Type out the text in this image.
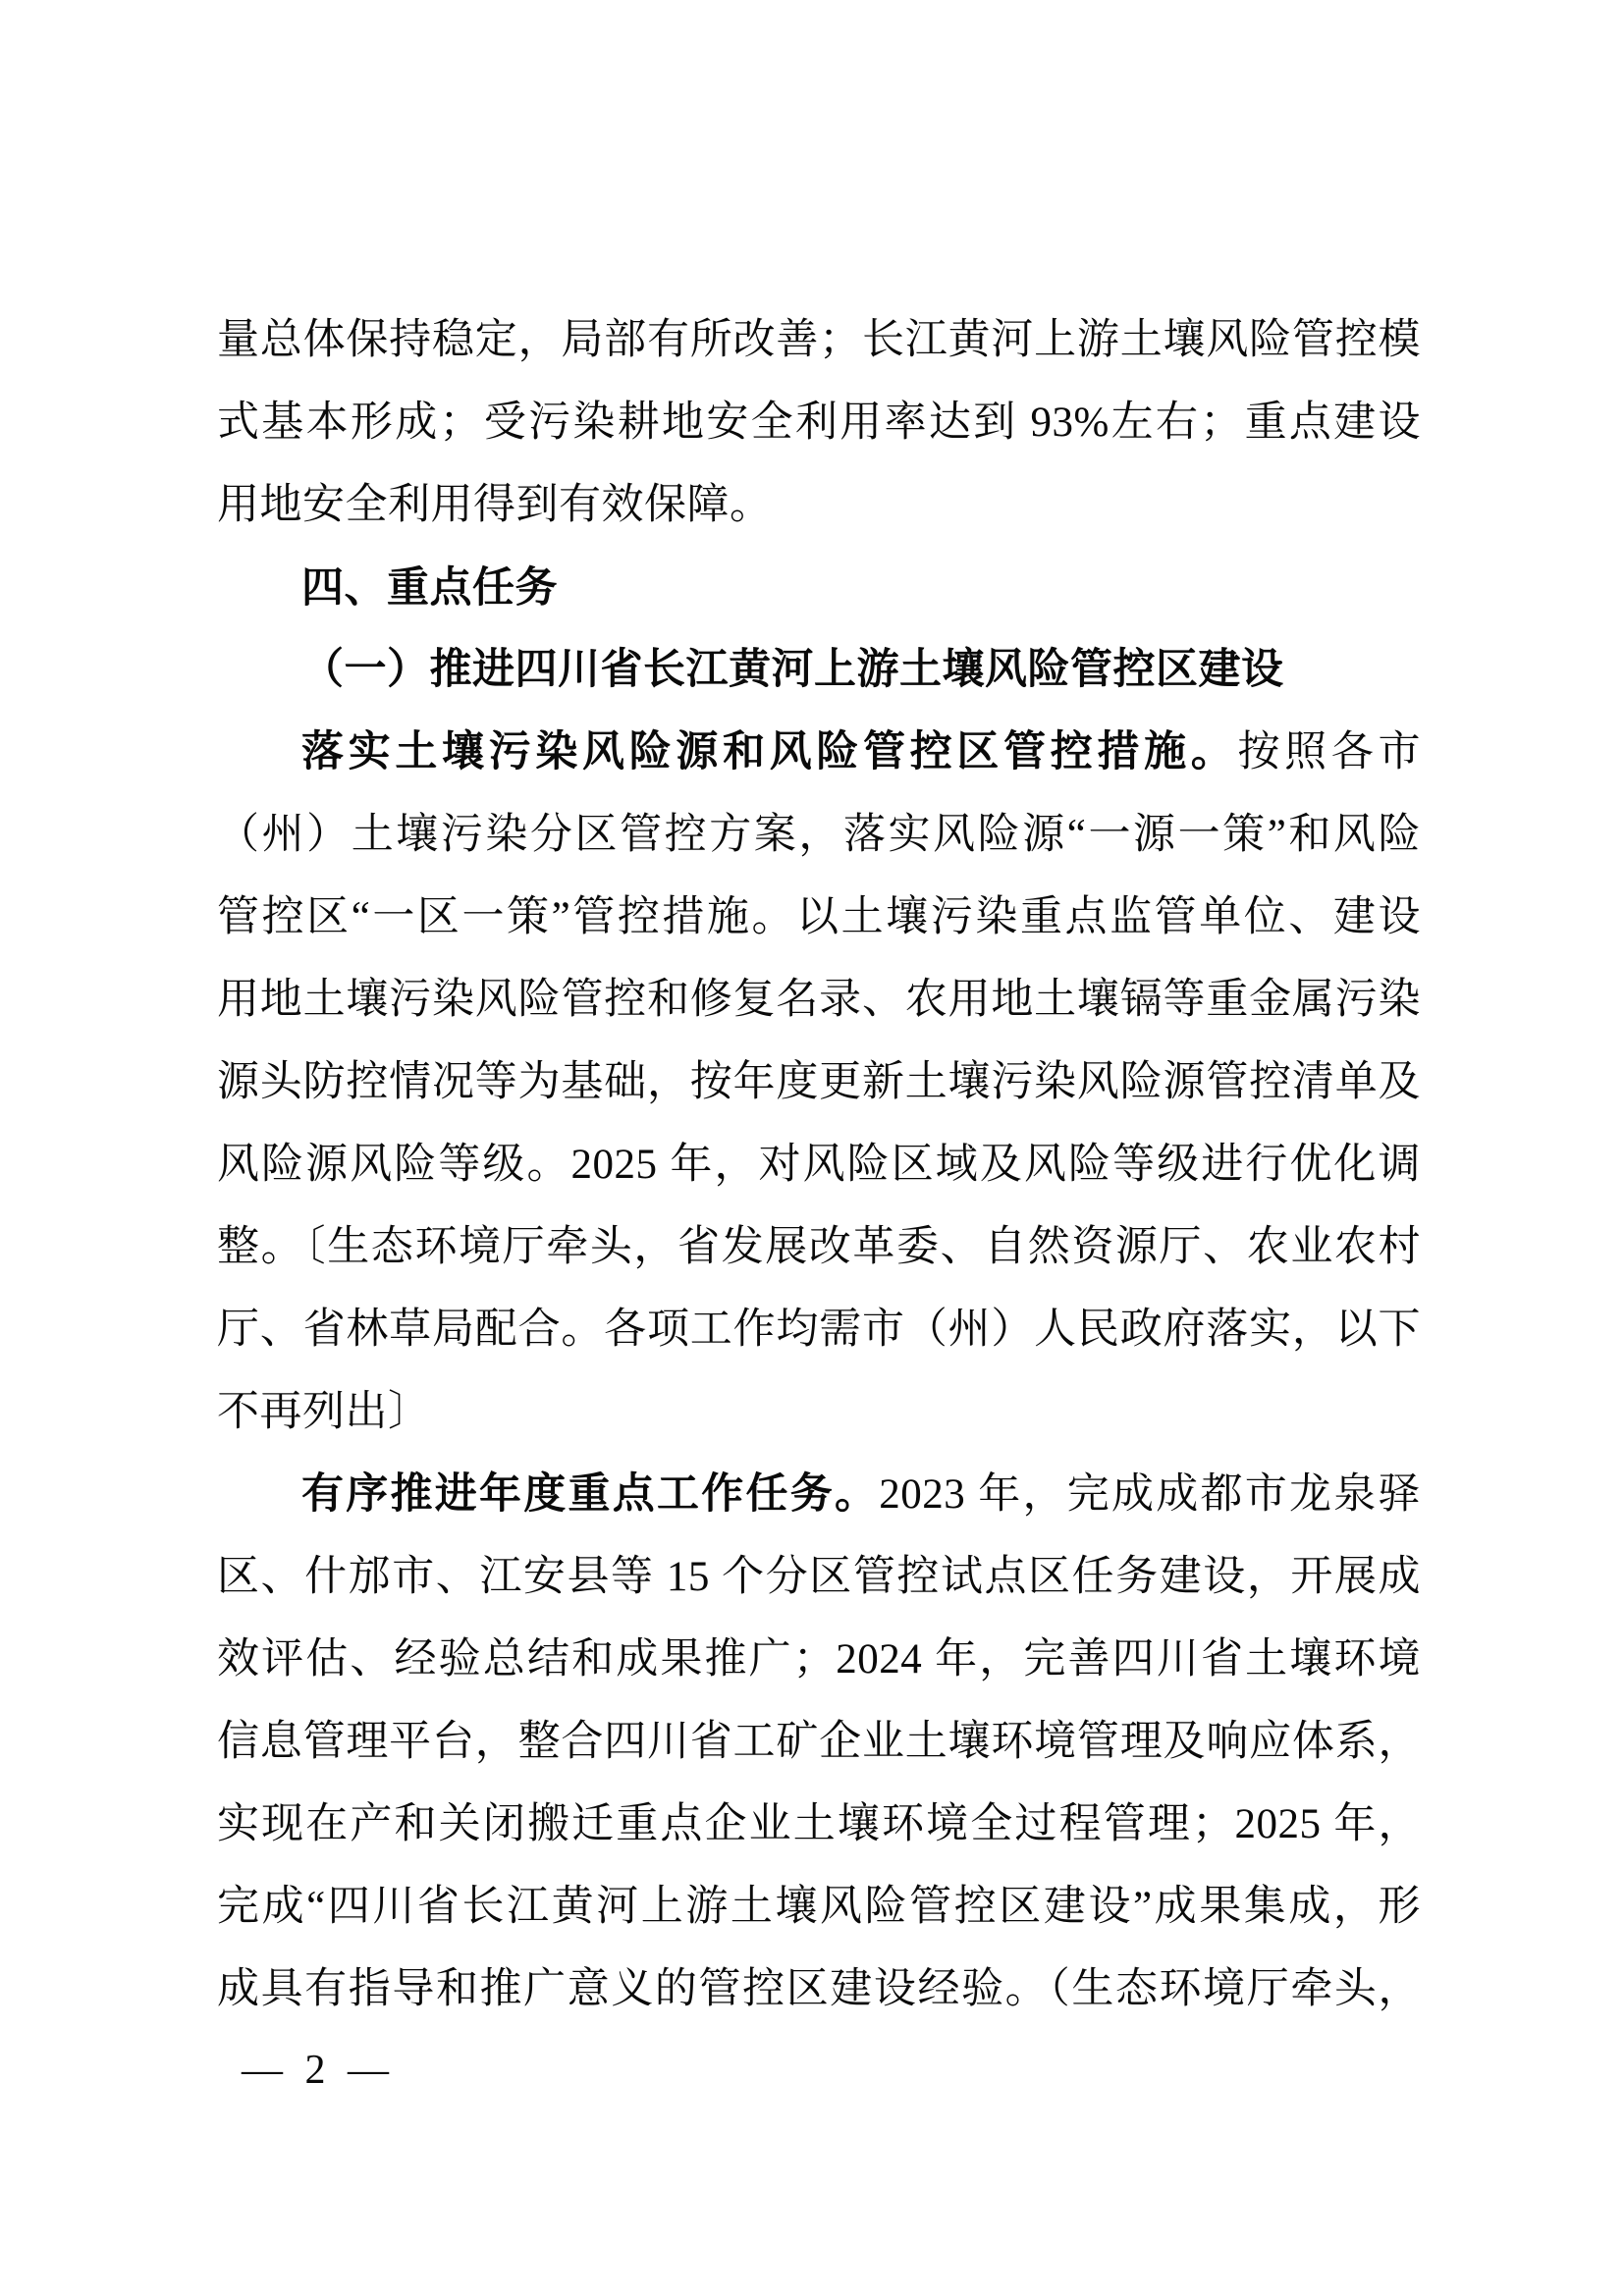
量总体保持稳定，局部有所改善；长江黄河上游土壤风险管控模
式基本形成；受污染耕地安全利用率达到 93%左右；重点建设
用地安全利用得到有效保障。
四、重点任务
（一）推进四川省长江黄河上游土壤风险管控区建设
落实土壤污染风险源和风险管控区管控措施。按照各市
（州）土壤污染分区管控方案，落实风险源“一源一策”和风险
管控区“一区一策”管控措施。以土壤污染重点监管单位、建设
用地土壤污染风险管控和修复名录、农用地土壤镉等重金属污染
源头防控情况等为基础，按年度更新土壤污染风险源管控清单及
风险源风险等级。2025 年，对风险区域及风险等级进行优化调
整。〔生态环境厅牵头，省发展改革委、自然资源厅、农业农村
厅、省林草局配合。各项工作均需市（州）人民政府落实，以下
不再列出〕
有序推进年度重点工作任务。2023 年，完成成都市龙泉驿
区、什邡市、江安县等 15 个分区管控试点区任务建设，开展成
效评估、经验总结和成果推广；2024 年，完善四川省土壤环境
信息管理平台，整合四川省工矿企业土壤环境管理及响应体系，
实现在产和关闭搬迁重点企业土壤环境全过程管理；2025 年，
完成“四川省长江黄河上游土壤风险管控区建设”成果集成，形
成具有指导和推广意义的管控区建设经验。（生态环境厅牵头，
— 2 —
